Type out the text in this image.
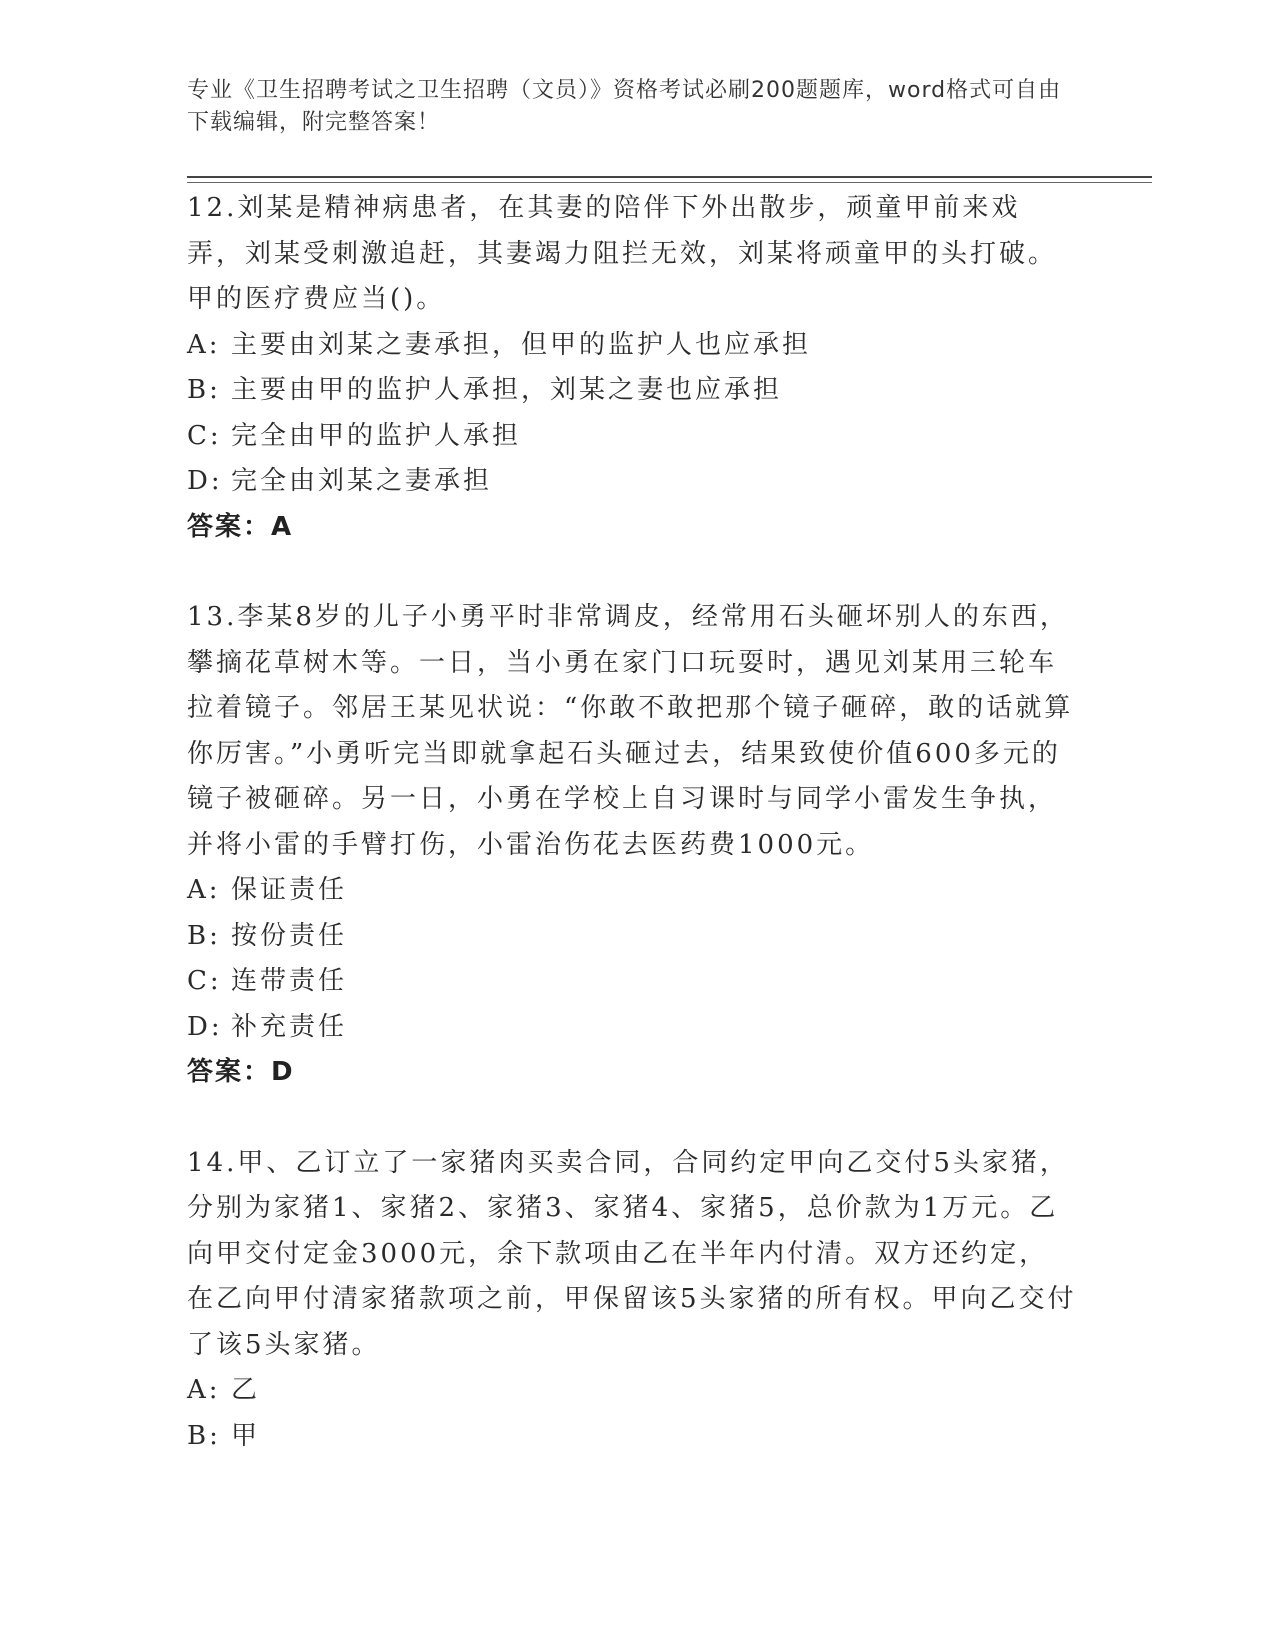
专业《卫生招聘考试之卫生招聘（文员）》资格考试必刷200题题库，word格式可自由下载编辑，附完整答案！

12.刘某是精神病患者，在其妻的陪伴下外出散步，顽童甲前来戏弄，刘某受刺激追赶，其妻竭力阻拦无效，刘某将顽童甲的头打破。甲的医疗费应当()。

A: 主要由刘某之妻承担，但甲的监护人也应承担

B: 主要由甲的监护人承担，刘某之妻也应承担

C: 完全由甲的监护人承担

D: 完全由刘某之妻承担

答案：A

13.李某8岁的儿子小勇平时非常调皮，经常用石头砸坏别人的东西，攀摘花草树木等。一日，当小勇在家门口玩耍时，遇见刘某用三轮车拉着镜子。邻居王某见状说：“你敢不敢把那个镜子砸碎，敢的话就算你厉害。”小勇听完当即就拿起石头砸过去，结果致使价值600多元的镜子被砸碎。另一日，小勇在学校上自习课时与同学小雷发生争执，并将小雷的手臂打伤，小雷治伤花去医药费1000元。

A: 保证责任

B: 按份责任

C: 连带责任

D: 补充责任

答案：D

14.甲、乙订立了一家猪肉买卖合同，合同约定甲向乙交付5头家猪，分别为家猪1、家猪2、家猪3、家猪4、家猪5，总价款为1万元。乙向甲交付定金3000元，余下款项由乙在半年内付清。双方还约定，在乙向甲付清家猪款项之前，甲保留该5头家猪的所有权。甲向乙交付了该5头家猪。

A: 乙

B: 甲
